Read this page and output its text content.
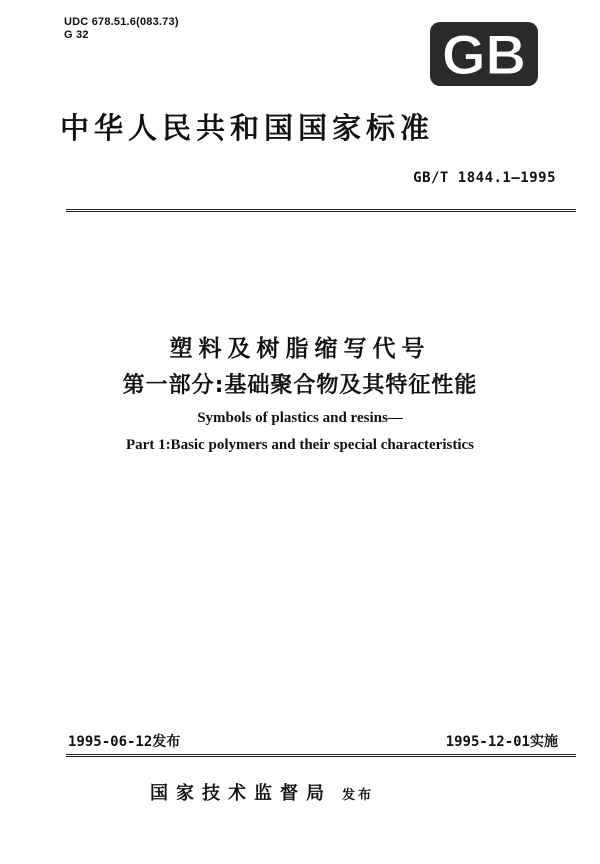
UDC 678.51.6(083.73)
G 32	GB
中华人民共和国国家标准
GB/T 1844.1—1995
塑料及树脂缩写代号
第一部分:基础聚合物及其特征性能
Symbols of plastics and resins—
Part 1:Basic polymers and their special characteristics
1995-06-12发布	1995-12-01实施
国家技术监督局 发布
